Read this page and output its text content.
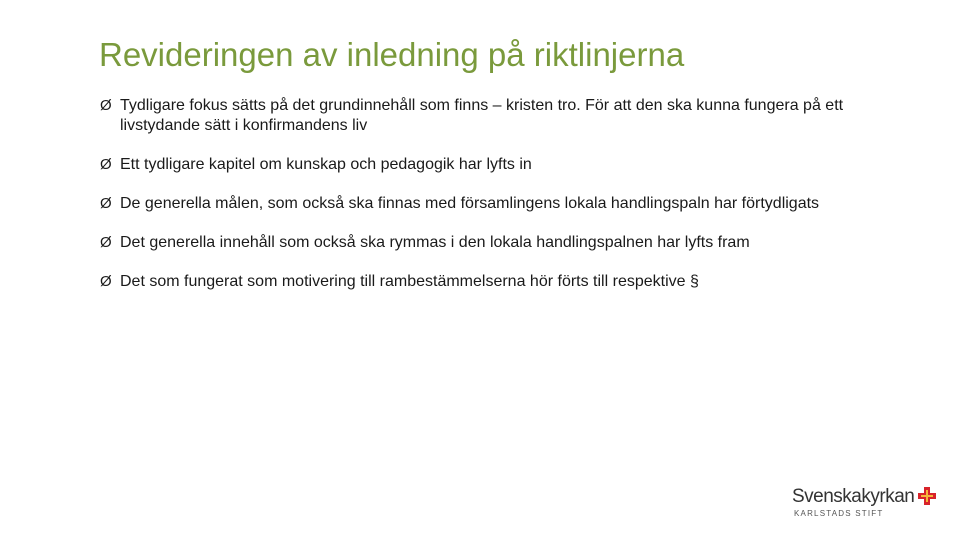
Revideringen av inledning på riktlinjerna
Ø Tydligare fokus sätts på det grundinnehåll som finns – kristen tro. För att den ska kunna fungera på ett livstydande sätt i konfirmandens liv
Ø Ett tydligare kapitel om kunskap och pedagogik har lyfts in
Ø De generella målen, som också ska finnas med församlingens lokala handlingspaln har förtydligats
Ø Det generella innehåll som också ska rymmas i den lokala handlingspalnen har lyfts fram
Ø Det som fungerat som motivering till rambestämmelserna hör förts till respektive §
Svenskakyrkan
KARLSTADS STIFT
